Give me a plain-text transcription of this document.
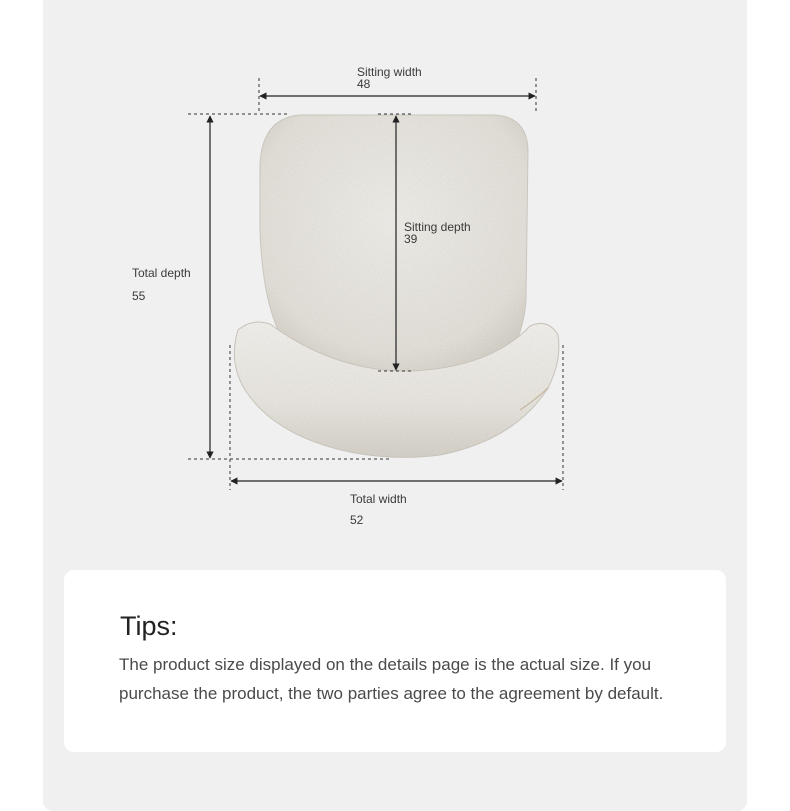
Sitting width
48
Sitting depth
39
Total depth
55
Total width
52
Tips:
The product size displayed on the details page is the actual size. If you purchase the product, the two parties agree to the agreement by default.
